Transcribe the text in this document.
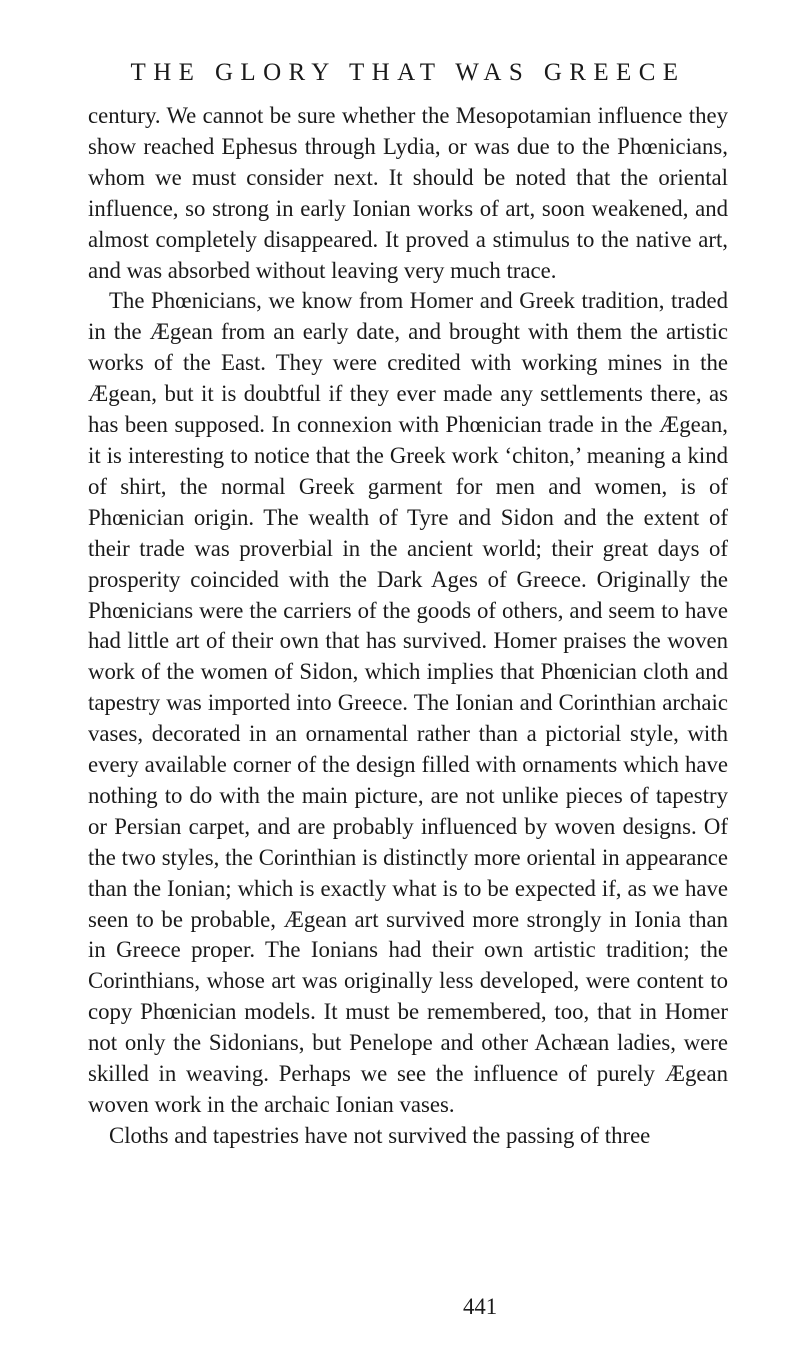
THE GLORY THAT WAS GREECE

century. We cannot be sure whether the Mesopotamian influence they show reached Ephesus through Lydia, or was due to the Phœnicians, whom we must consider next. It should be noted that the oriental influence, so strong in early Ionian works of art, soon weakened, and almost completely disappeared. It proved a stimulus to the native art, and was absorbed without leaving very much trace.

The Phœnicians, we know from Homer and Greek tradition, traded in the Ægean from an early date, and brought with them the artistic works of the East. They were credited with working mines in the Ægean, but it is doubtful if they ever made any settlements there, as has been supposed. In connexion with Phœnician trade in the Ægean, it is interesting to notice that the Greek work ‘chiton,’ meaning a kind of shirt, the normal Greek garment for men and women, is of Phœnician origin. The wealth of Tyre and Sidon and the extent of their trade was proverbial in the ancient world; their great days of prosperity coincided with the Dark Ages of Greece. Originally the Phœnicians were the carriers of the goods of others, and seem to have had little art of their own that has survived. Homer praises the woven work of the women of Sidon, which implies that Phœnician cloth and tapestry was imported into Greece. The Ionian and Corinthian archaic vases, decorated in an ornamental rather than a pictorial style, with every available corner of the design filled with ornaments which have nothing to do with the main picture, are not unlike pieces of tapestry or Persian carpet, and are probably influenced by woven designs. Of the two styles, the Corinthian is distinctly more oriental in appearance than the Ionian; which is exactly what is to be expected if, as we have seen to be probable, Ægean art survived more strongly in Ionia than in Greece proper. The Ionians had their own artistic tradition; the Corinthians, whose art was originally less developed, were content to copy Phœnician models. It must be remembered, too, that in Homer not only the Sidonians, but Penelope and other Achæan ladies, were skilled in weaving. Perhaps we see the influence of purely Ægean woven work in the archaic Ionian vases.

Cloths and tapestries have not survived the passing of three

441
